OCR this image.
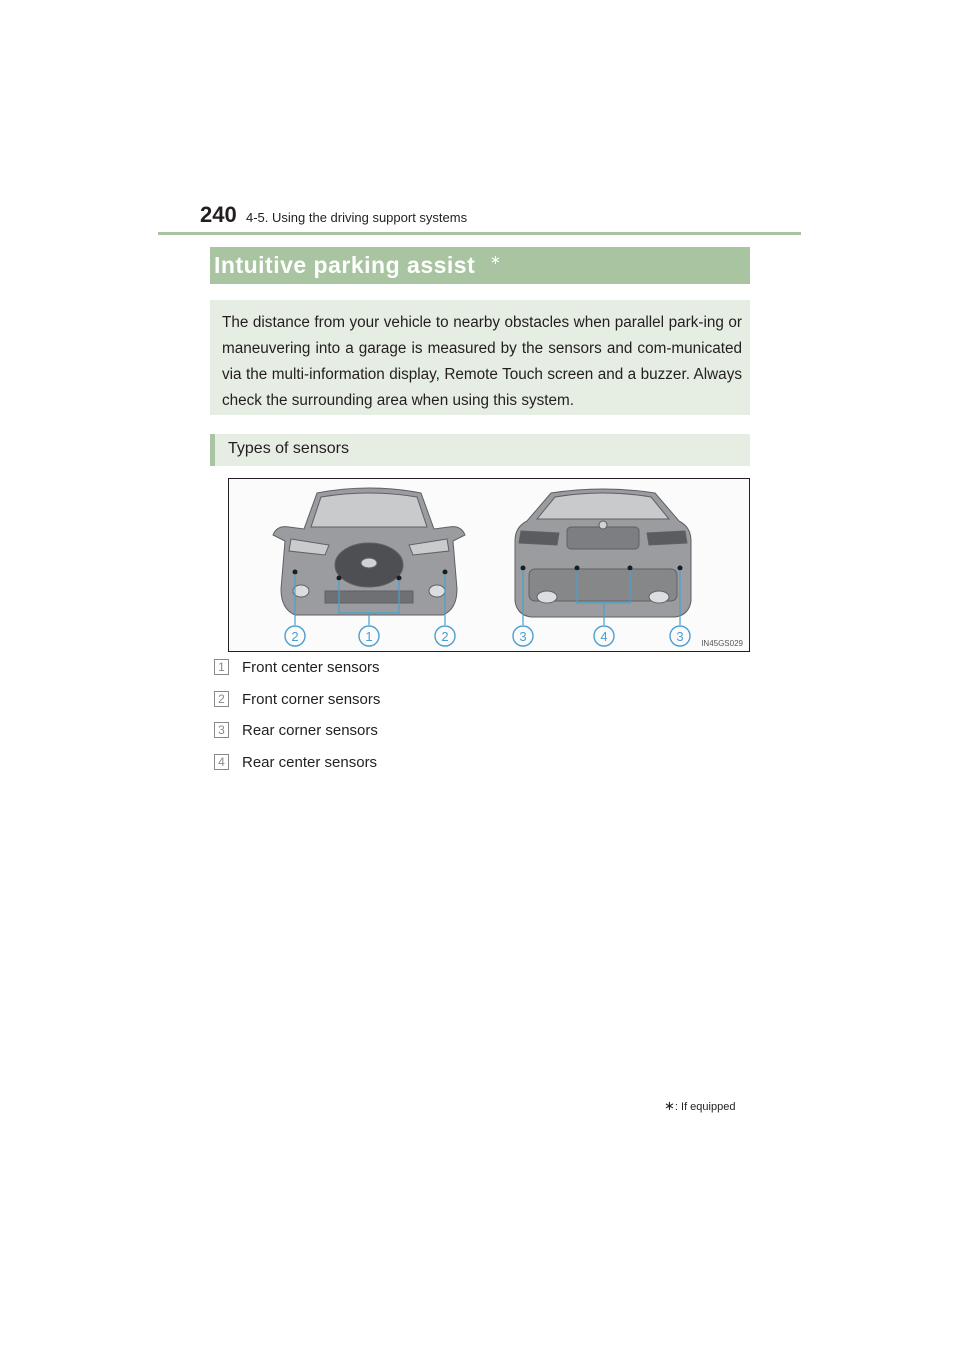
240 4-5. Using the driving support systems
Intuitive parking assist ∗
The distance from your vehicle to nearby obstacles when parallel park-ing or maneuvering into a garage is measured by the sensors and com-municated via the multi-information display, Remote Touch screen and a buzzer. Always check the surrounding area when using this system.
Types of sensors
2	1	2	3	4	3 IN45GS029
1 Front center sensors
2 Front corner sensors
3 Rear corner sensors
4 Rear center sensors
∗: If equipped
